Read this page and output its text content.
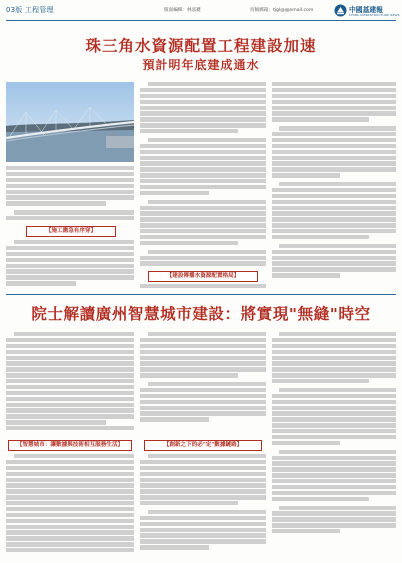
03版 工程管理	版面編輯：林泓鍵	投稿郵箱：tjgl@@email.com	中國基建報
CHINA INFRASTRUCTURE NEWS
珠三角水資源配置工程建設加速
預計明年底建成通水
【施工應急有序穿】
【建設傳播水資源配置格局】
院士解讀廣州智慧城市建設：將實現"無縫"時空
【智慧城市：讓數據與技術相互服務生活】	【創新之下的必"定"數據鏈路】
